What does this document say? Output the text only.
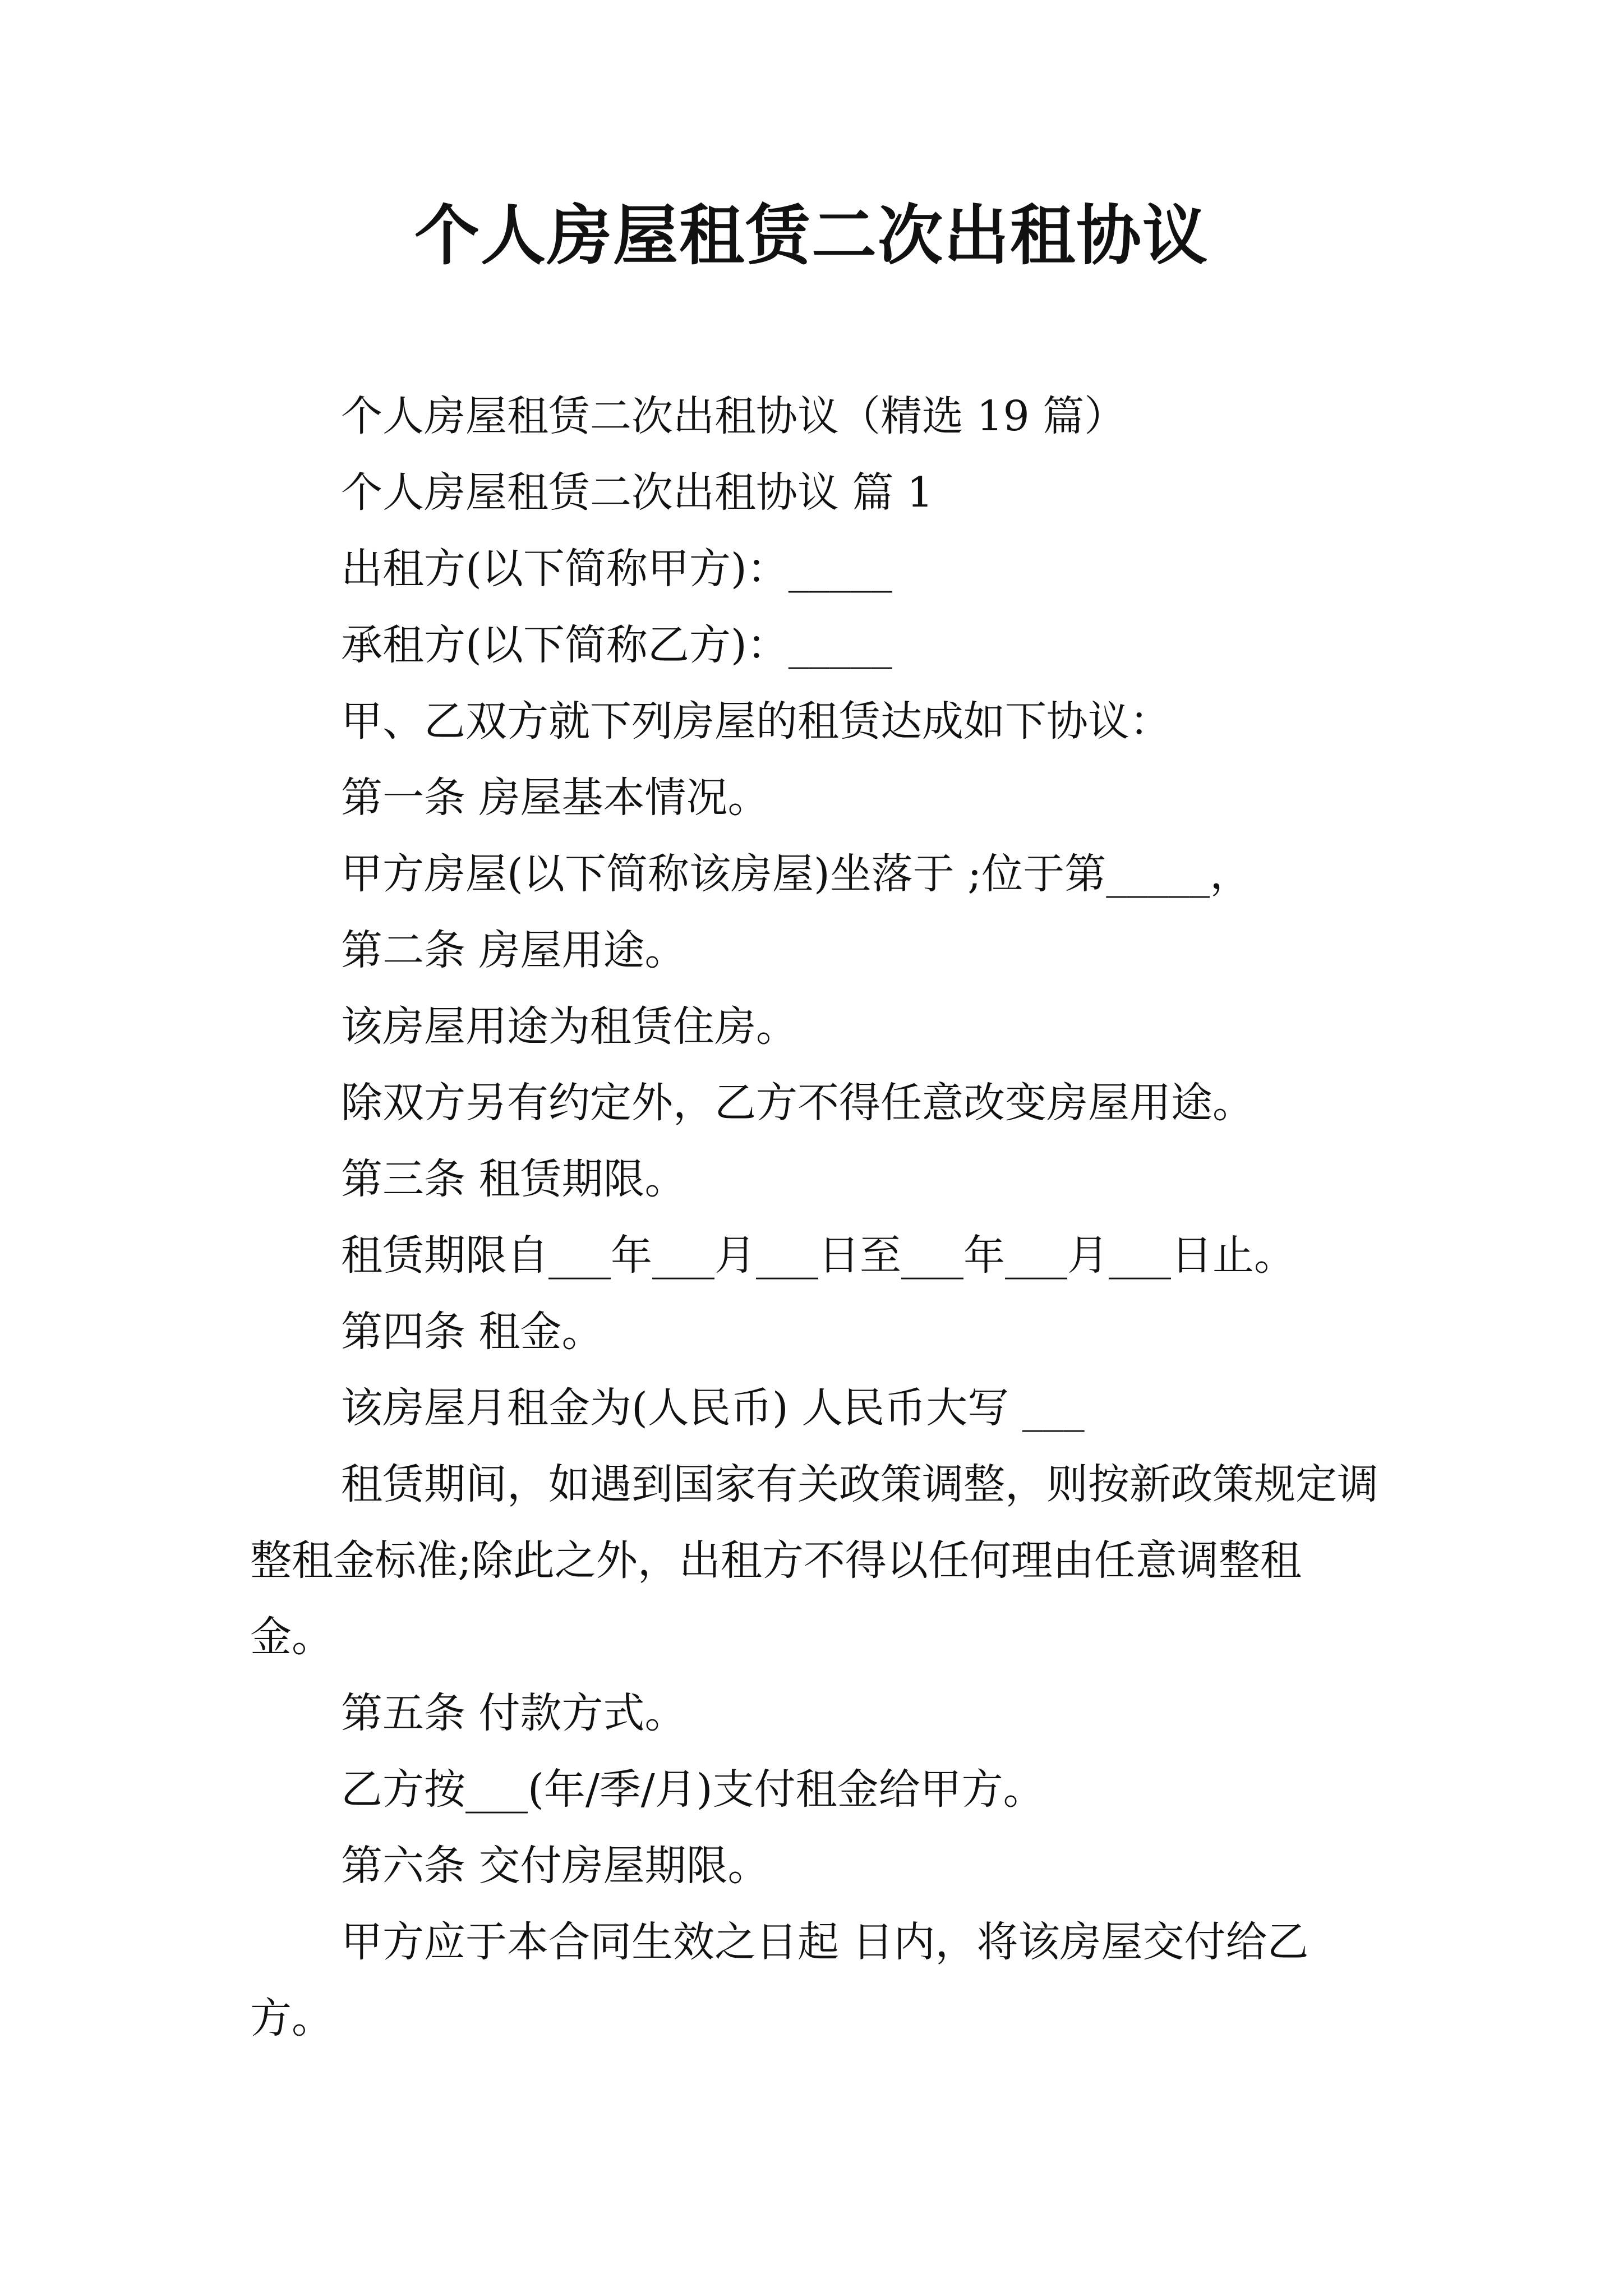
个人房屋租赁二次出租协议

个人房屋租赁二次出租协议（精选 19 篇）

个人房屋租赁二次出租协议 篇 1

出租方(以下简称甲方)：_____

承租方(以下简称乙方)：_____

甲、乙双方就下列房屋的租赁达成如下协议：

第一条 房屋基本情况。

甲方房屋(以下简称该房屋)坐落于 ;位于第_____，

第二条 房屋用途。

该房屋用途为租赁住房。

除双方另有约定外，乙方不得任意改变房屋用途。

第三条 租赁期限。

租赁期限自___年___月___日至___年___月___日止。

第四条 租金。

该房屋月租金为(人民币) 人民币大写 ___

租赁期间，如遇到国家有关政策调整，则按新政策规定调整租金标准;除此之外，出租方不得以任何理由任意调整租金。

第五条 付款方式。

乙方按___(年/季/月)支付租金给甲方。

第六条 交付房屋期限。

甲方应于本合同生效之日起 日内，将该房屋交付给乙方。
